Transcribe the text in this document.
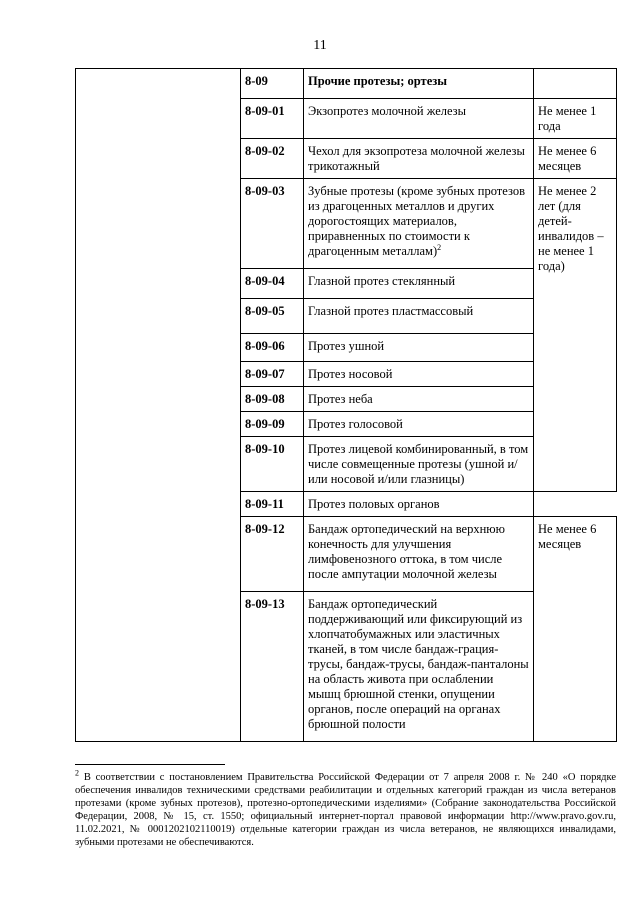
11
	8-09	Прочие протезы; ортезы	
	8-09-01	Экзопротез молочной железы	Не менее 1 года
	8-09-02	Чехол для экзопротеза молочной железы трикотажный	Не менее 6 месяцев
	8-09-03	Зубные протезы (кроме зубных протезов из драгоценных металлов и других дорогостоящих материалов, приравненных по стоимости к драгоценным металлам)$^2$	Не менее 2 лет (для детей-инвалидов – не менее 1 года)
	8-09-04	Глазной протез стеклянный	
	8-09-05	Глазной протез пластмассовый	
	8-09-06	Протез ушной	
	8-09-07	Протез носовой	
	8-09-08	Протез неба	
	8-09-09	Протез голосовой	
	8-09-10	Протез лицевой комбинированный, в том числе совмещенные протезы (ушной и/или носовой и/или глазницы)	
	8-09-11	Протез половых органов	
	8-09-12	Бандаж ортопедический на верхнюю конечность для улучшения лимфовенозного оттока, в том числе после ампутации молочной железы	Не менее 6 месяцев
	8-09-13	Бандаж ортопедический поддерживающий или фиксирующий из хлопчатобумажных или эластичных тканей, в том числе бандаж-грация-трусы, бандаж-трусы, бандаж-панталоны на область живота при ослаблении мышц брюшной стенки, опущении органов, после операций на органах брюшной полости	
$^2$ В соответствии с постановлением Правительства Российской Федерации от 7 апреля 2008 г. № 240 «О порядке обеспечения инвалидов техническими средствами реабилитации и отдельных категорий граждан из числа ветеранов протезами (кроме зубных протезов), протезно-ортопедическими изделиями» (Собрание законодательства Российской Федерации, 2008, № 15, ст. 1550; официальный интернет-портал правовой информации http://www.pravo.gov.ru, 11.02.2021, № 0001202102110019) отдельные категории граждан из числа ветеранов, не являющихся инвалидами, зубными протезами не обеспечиваются.
